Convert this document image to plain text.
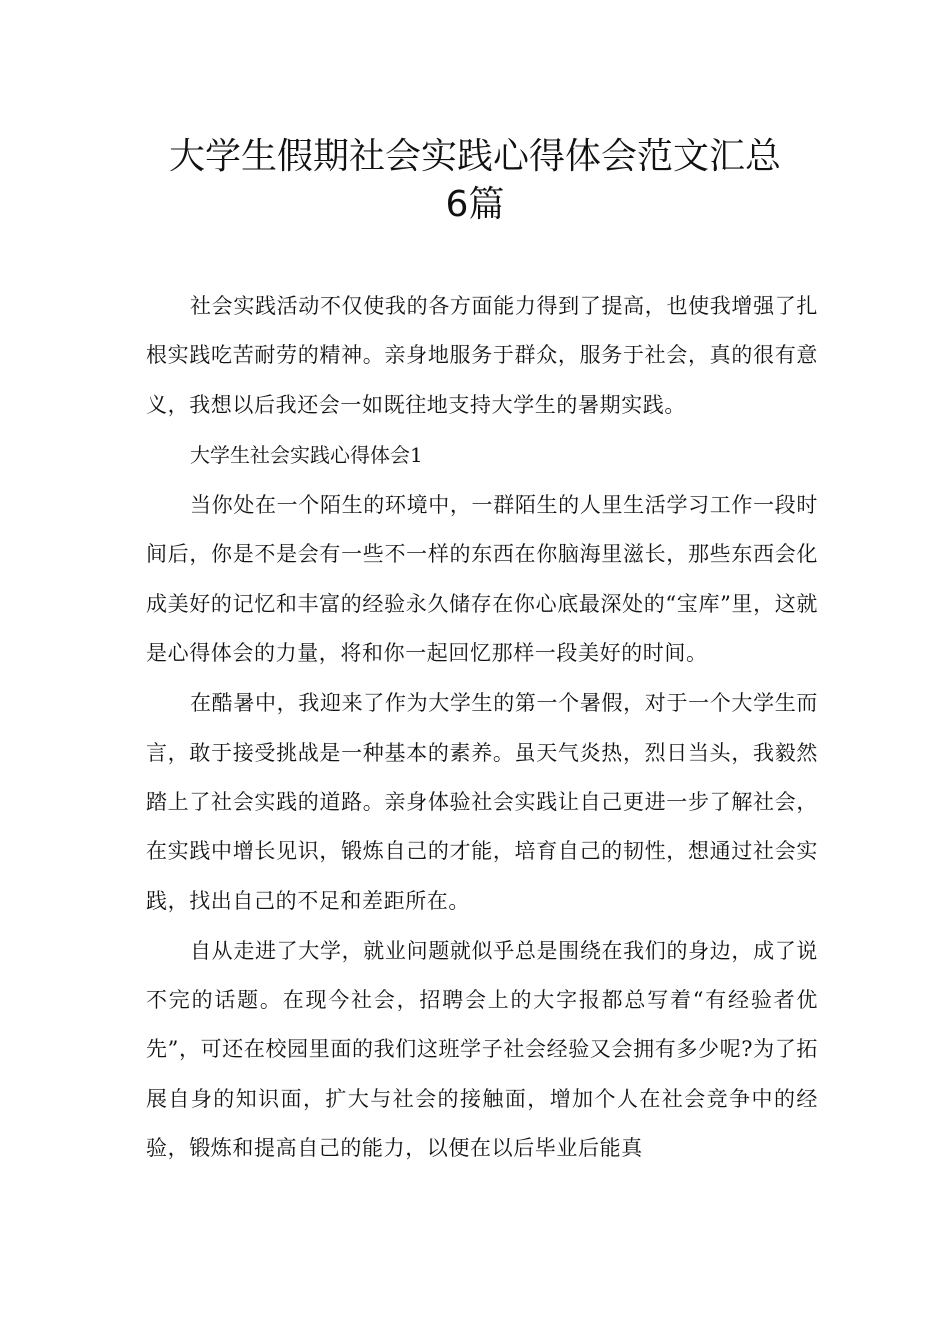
大学生假期社会实践心得体会范文汇总
6篇

社会实践活动不仅使我的各方面能力得到了提高，也使我增强了扎根实践吃苦耐劳的精神。亲身地服务于群众，服务于社会，真的很有意义，我想以后我还会一如既往地支持大学生的暑期实践。

大学生社会实践心得体会1

当你处在一个陌生的环境中，一群陌生的人里生活学习工作一段时间后，你是不是会有一些不一样的东西在你脑海里滋长，那些东西会化成美好的记忆和丰富的经验永久储存在你心底最深处的“宝库”里，这就是心得体会的力量，将和你一起回忆那样一段美好的时间。

在酷暑中，我迎来了作为大学生的第一个暑假，对于一个大学生而言，敢于接受挑战是一种基本的素养。虽天气炎热，烈日当头，我毅然踏上了社会实践的道路。亲身体验社会实践让自己更进一步了解社会，在实践中增长见识，锻炼自己的才能，培育自己的韧性，想通过社会实践，找出自己的不足和差距所在。

自从走进了大学，就业问题就似乎总是围绕在我们的身边，成了说不完的话题。在现今社会，招聘会上的大字报都总写着“有经验者优先”，可还在校园里面的我们这班学子社会经验又会拥有多少呢?为了拓展自身的知识面，扩大与社会的接触面，增加个人在社会竞争中的经验，锻炼和提高自己的能力，以便在以后毕业后能真
